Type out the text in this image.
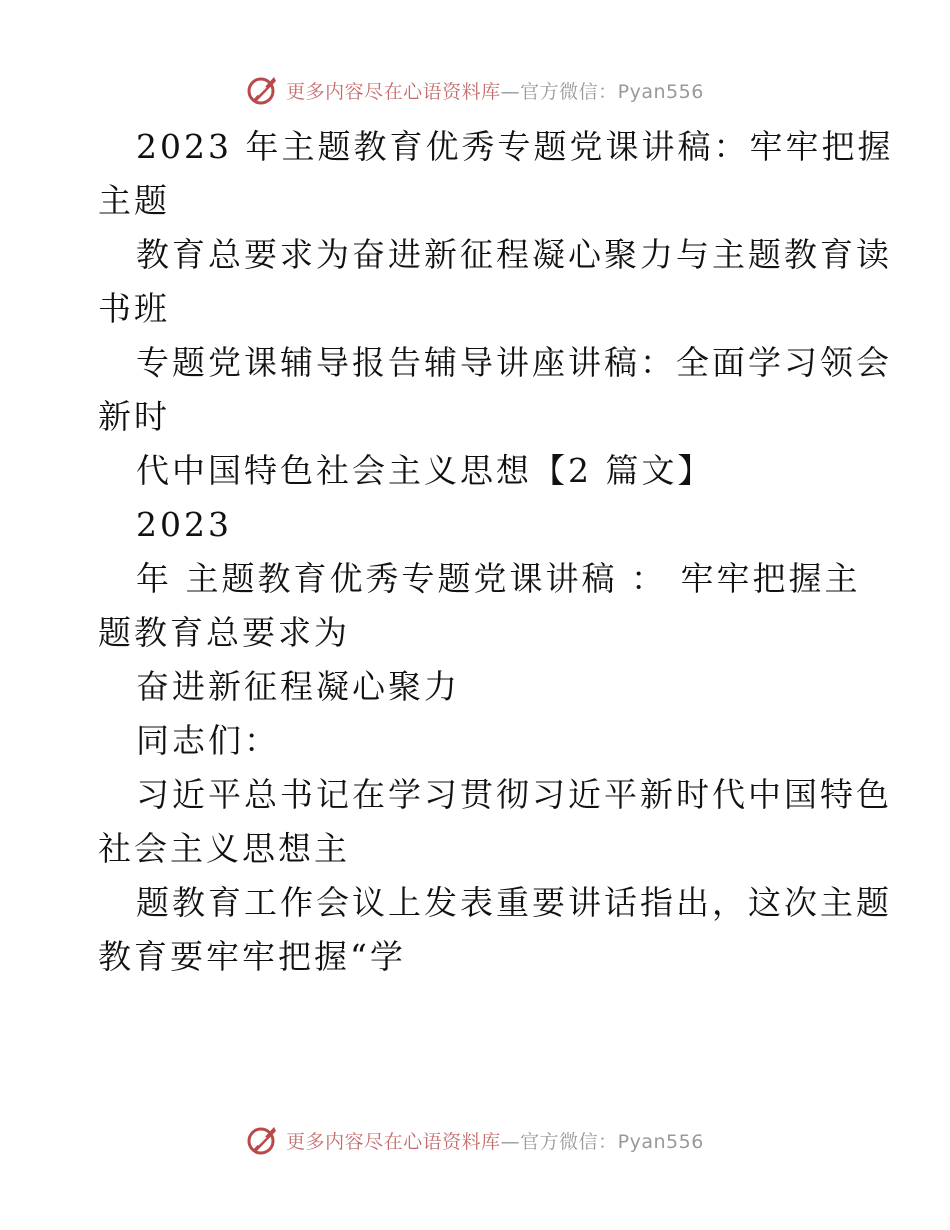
更多内容尽在心语资料库—官方微信：Pyan556
2023 年主题教育优秀专题党课讲稿：牢牢把握
主题
教育总要求为奋进新征程凝心聚力与主题教育读
书班
专题党课辅导报告辅导讲座讲稿：全面学习领会
新时
代中国特色社会主义思想【2 篇文】
2023
年 主题教育优秀专题党课讲稿 ： 牢牢把握主
题教育总要求为
奋进新征程凝心聚力
同志们：
习近平总书记在学习贯彻习近平新时代中国特色
社会主义思想主
题教育工作会议上发表重要讲话指出，这次主题
教育要牢牢把握“学
更多内容尽在心语资料库—官方微信：Pyan556
